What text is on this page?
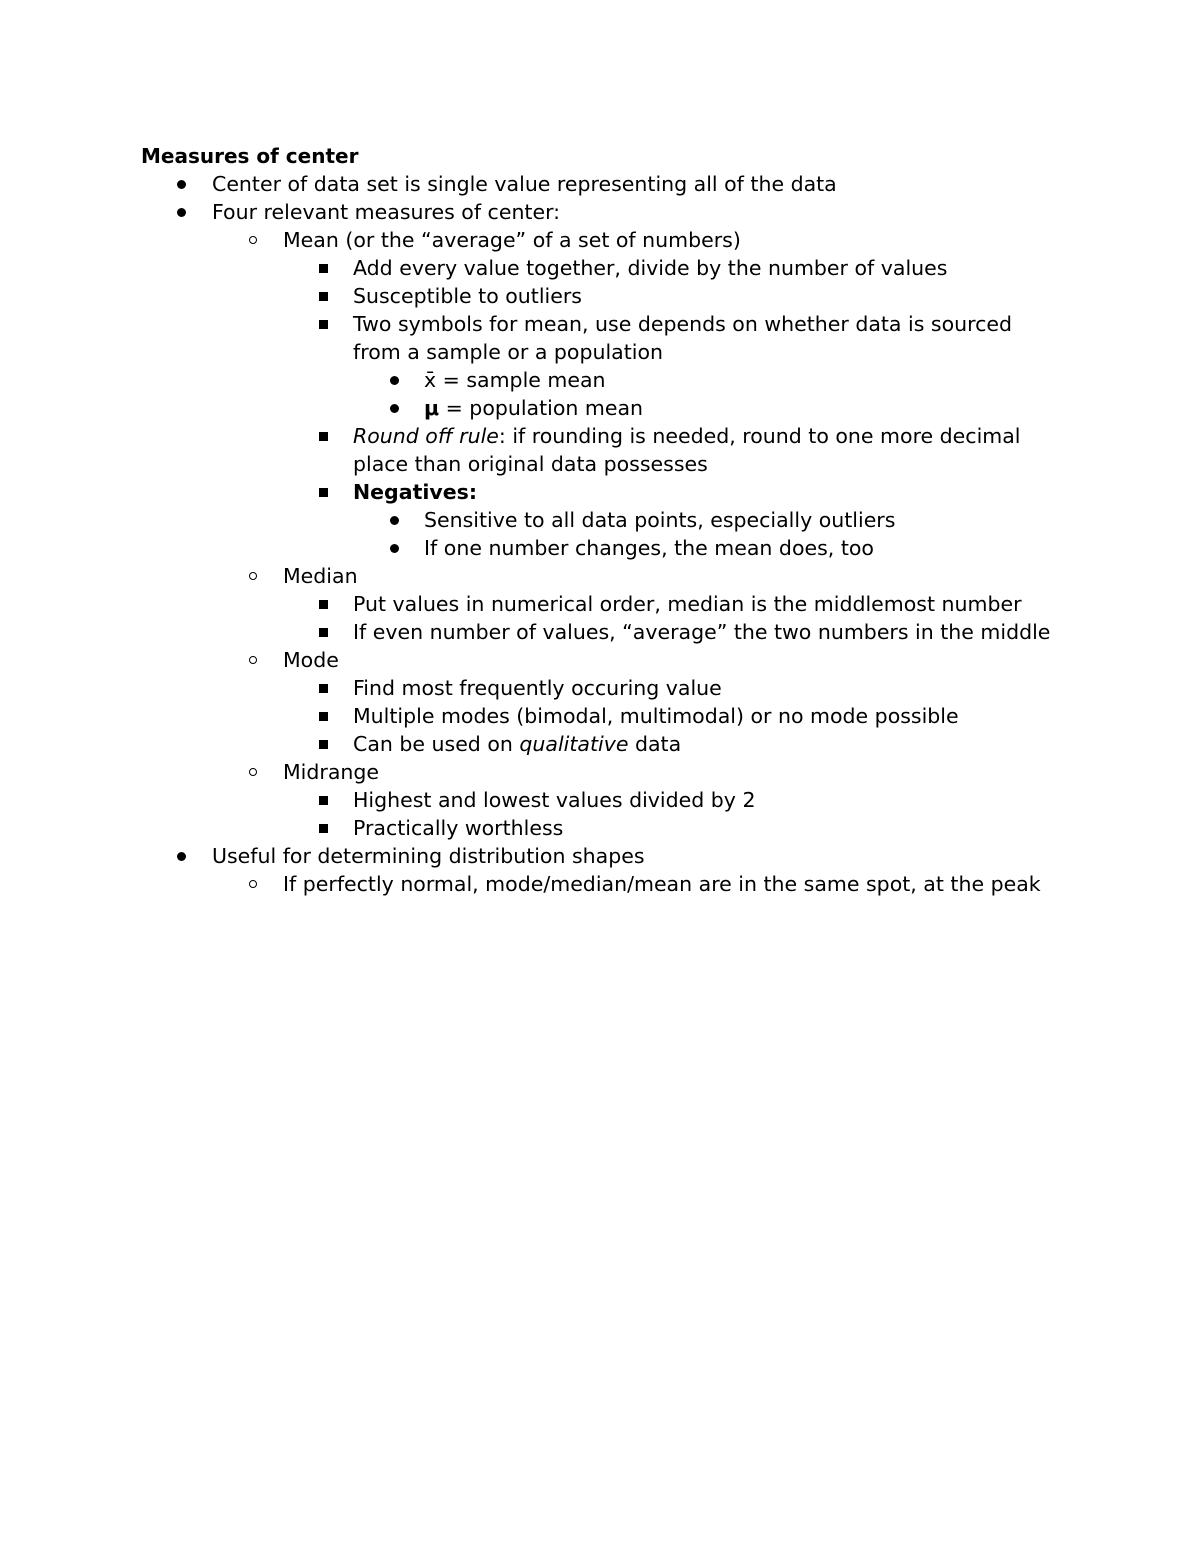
Measures of center
Center of data set is single value representing all of the data
Four relevant measures of center:
Mean (or the “average” of a set of numbers)
Add every value together, divide by the number of values
Susceptible to outliers
Two symbols for mean, use depends on whether data is sourced
from a sample or a population
x̄ = sample mean
μ = population mean
Round off rule: if rounding is needed, round to one more decimal
place than original data possesses
Negatives:
Sensitive to all data points, especially outliers
If one number changes, the mean does, too
Median
Put values in numerical order, median is the middlemost number
If even number of values, “average” the two numbers in the middle
Mode
Find most frequently occuring value
Multiple modes (bimodal, multimodal) or no mode possible
Can be used on qualitative data
Midrange
Highest and lowest values divided by 2
Practically worthless
Useful for determining distribution shapes
If perfectly normal, mode/median/mean are in the same spot, at the peak
